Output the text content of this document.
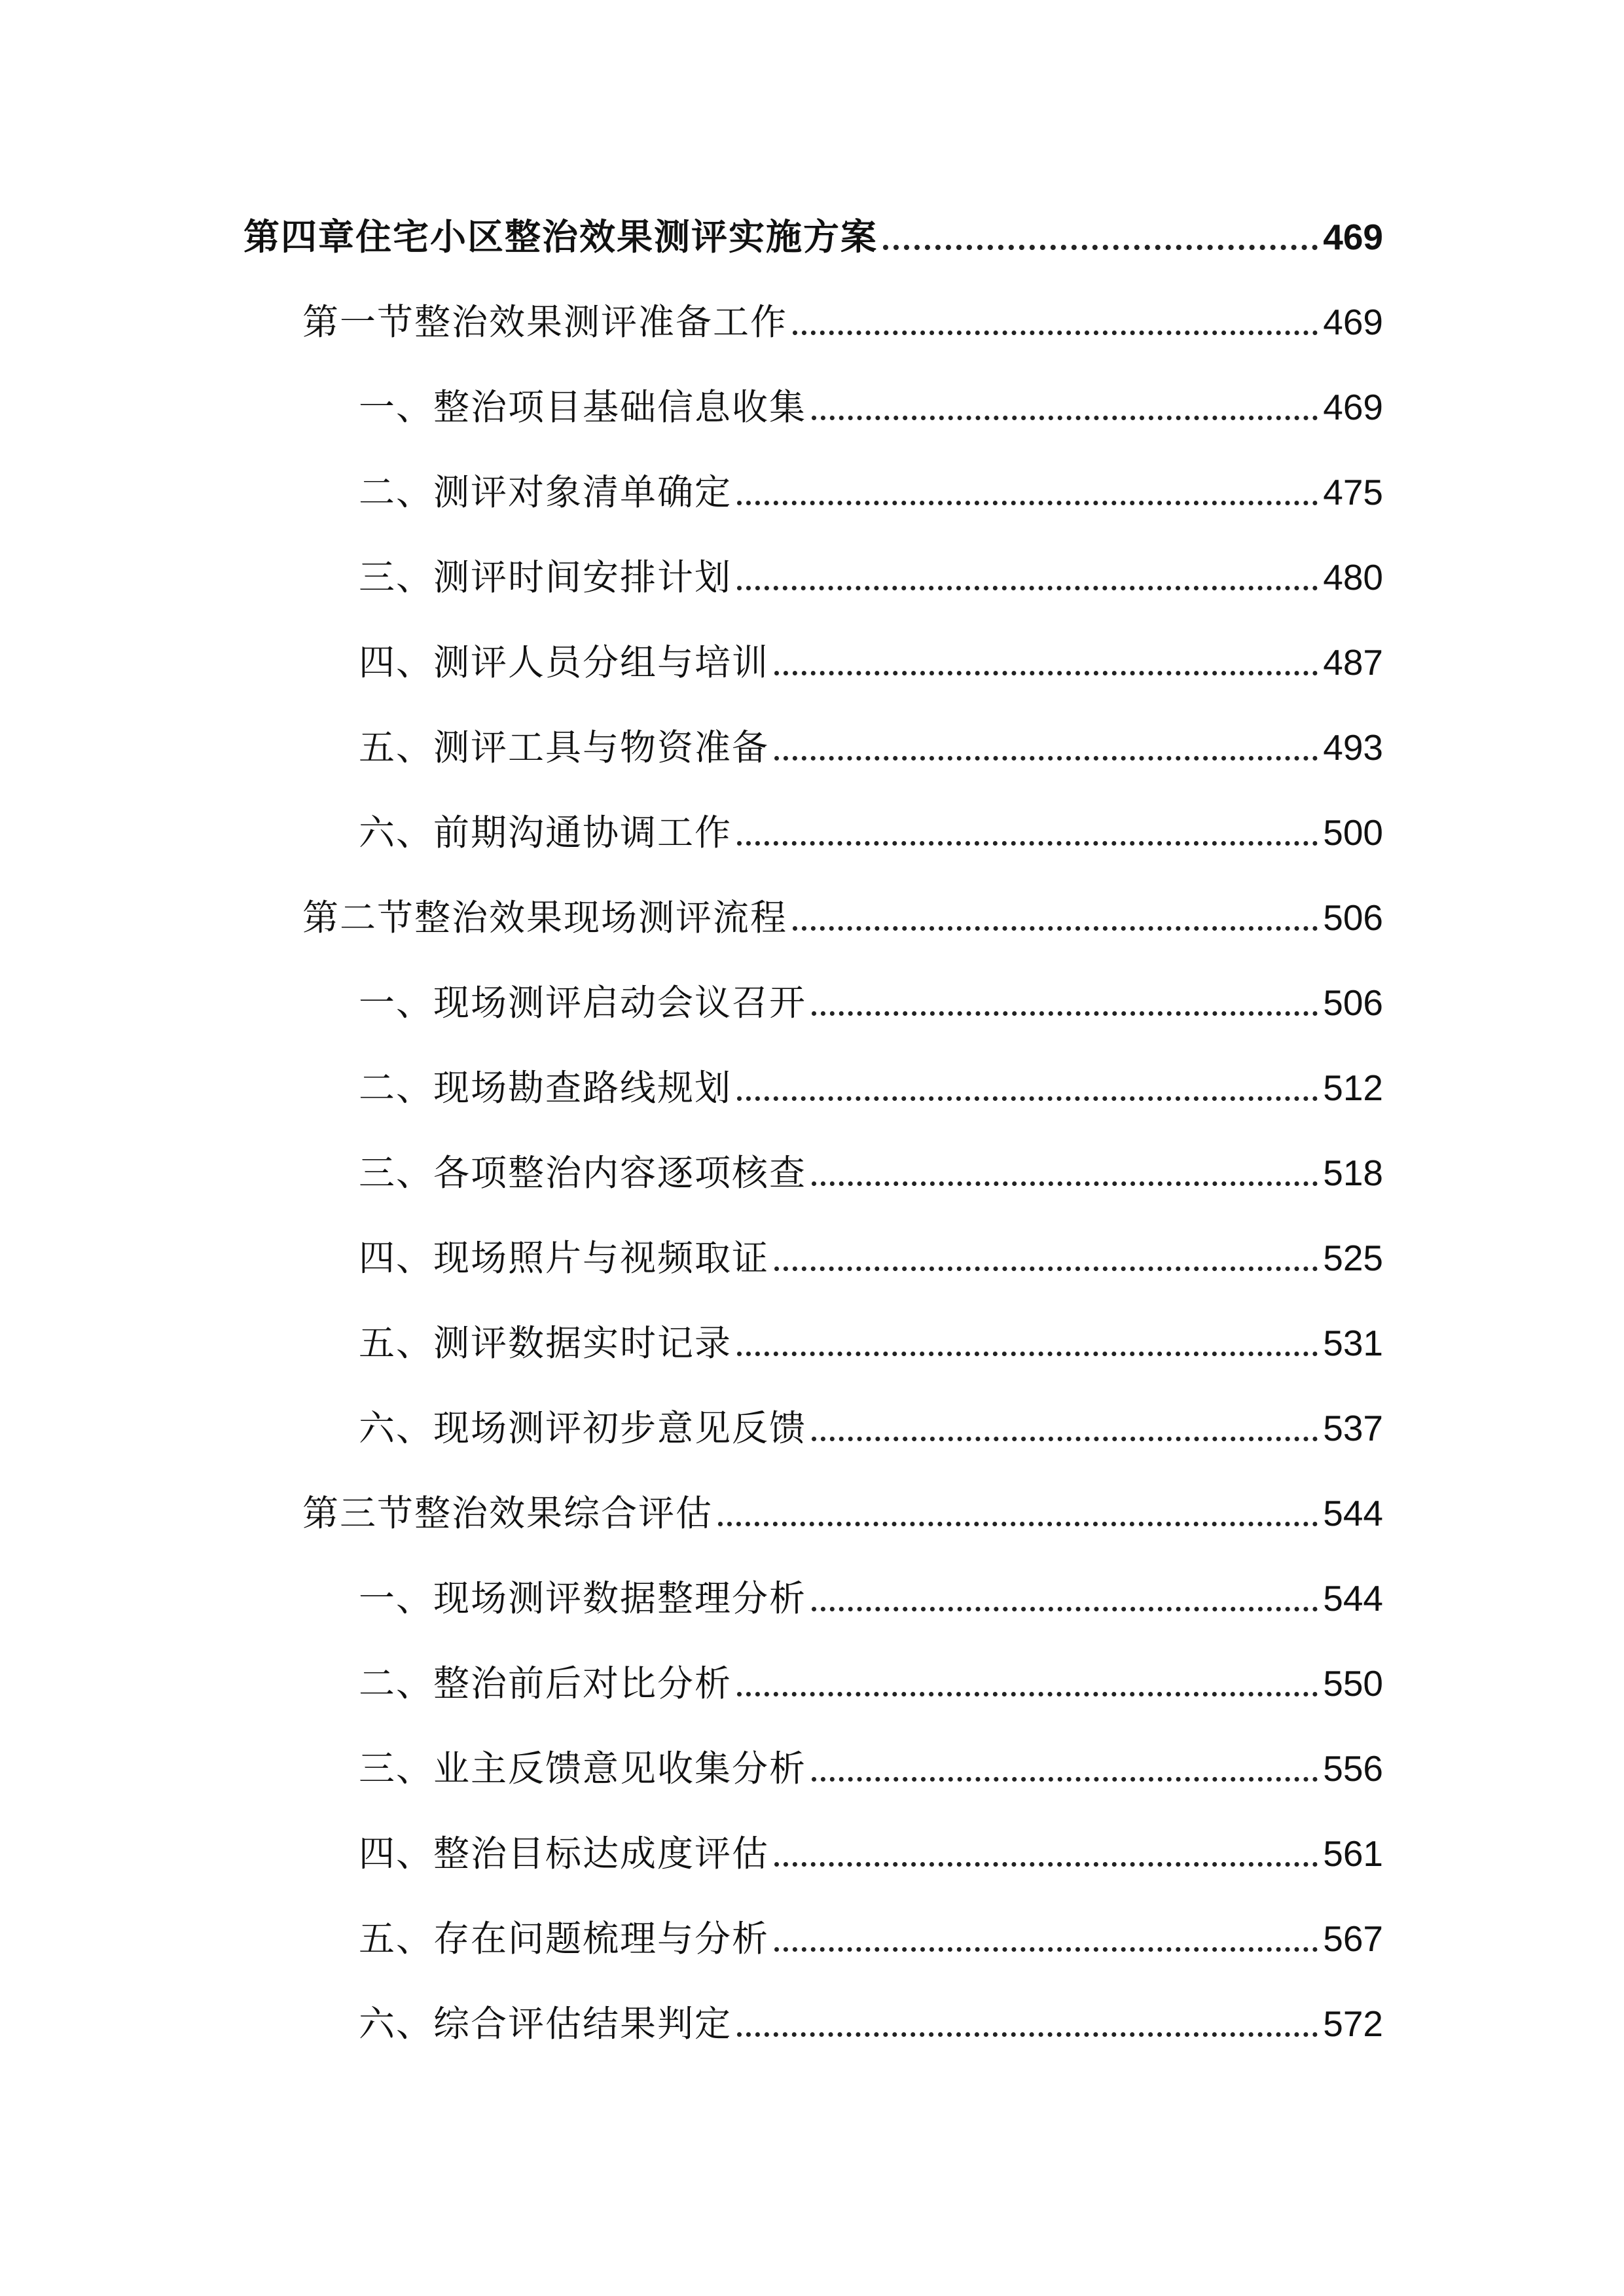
第四章住宅小区整治效果测评实施方案	469
第一节整治效果测评准备工作	469
一、整治项目基础信息收集	469
二、测评对象清单确定	475
三、测评时间安排计划	480
四、测评人员分组与培训	487
五、测评工具与物资准备	493
六、前期沟通协调工作	500
第二节整治效果现场测评流程	506
一、现场测评启动会议召开	506
二、现场勘查路线规划	512
三、各项整治内容逐项核查	518
四、现场照片与视频取证	525
五、测评数据实时记录	531
六、现场测评初步意见反馈	537
第三节整治效果综合评估	544
一、现场测评数据整理分析	544
二、整治前后对比分析	550
三、业主反馈意见收集分析	556
四、整治目标达成度评估	561
五、存在问题梳理与分析	567
六、综合评估结果判定	572
